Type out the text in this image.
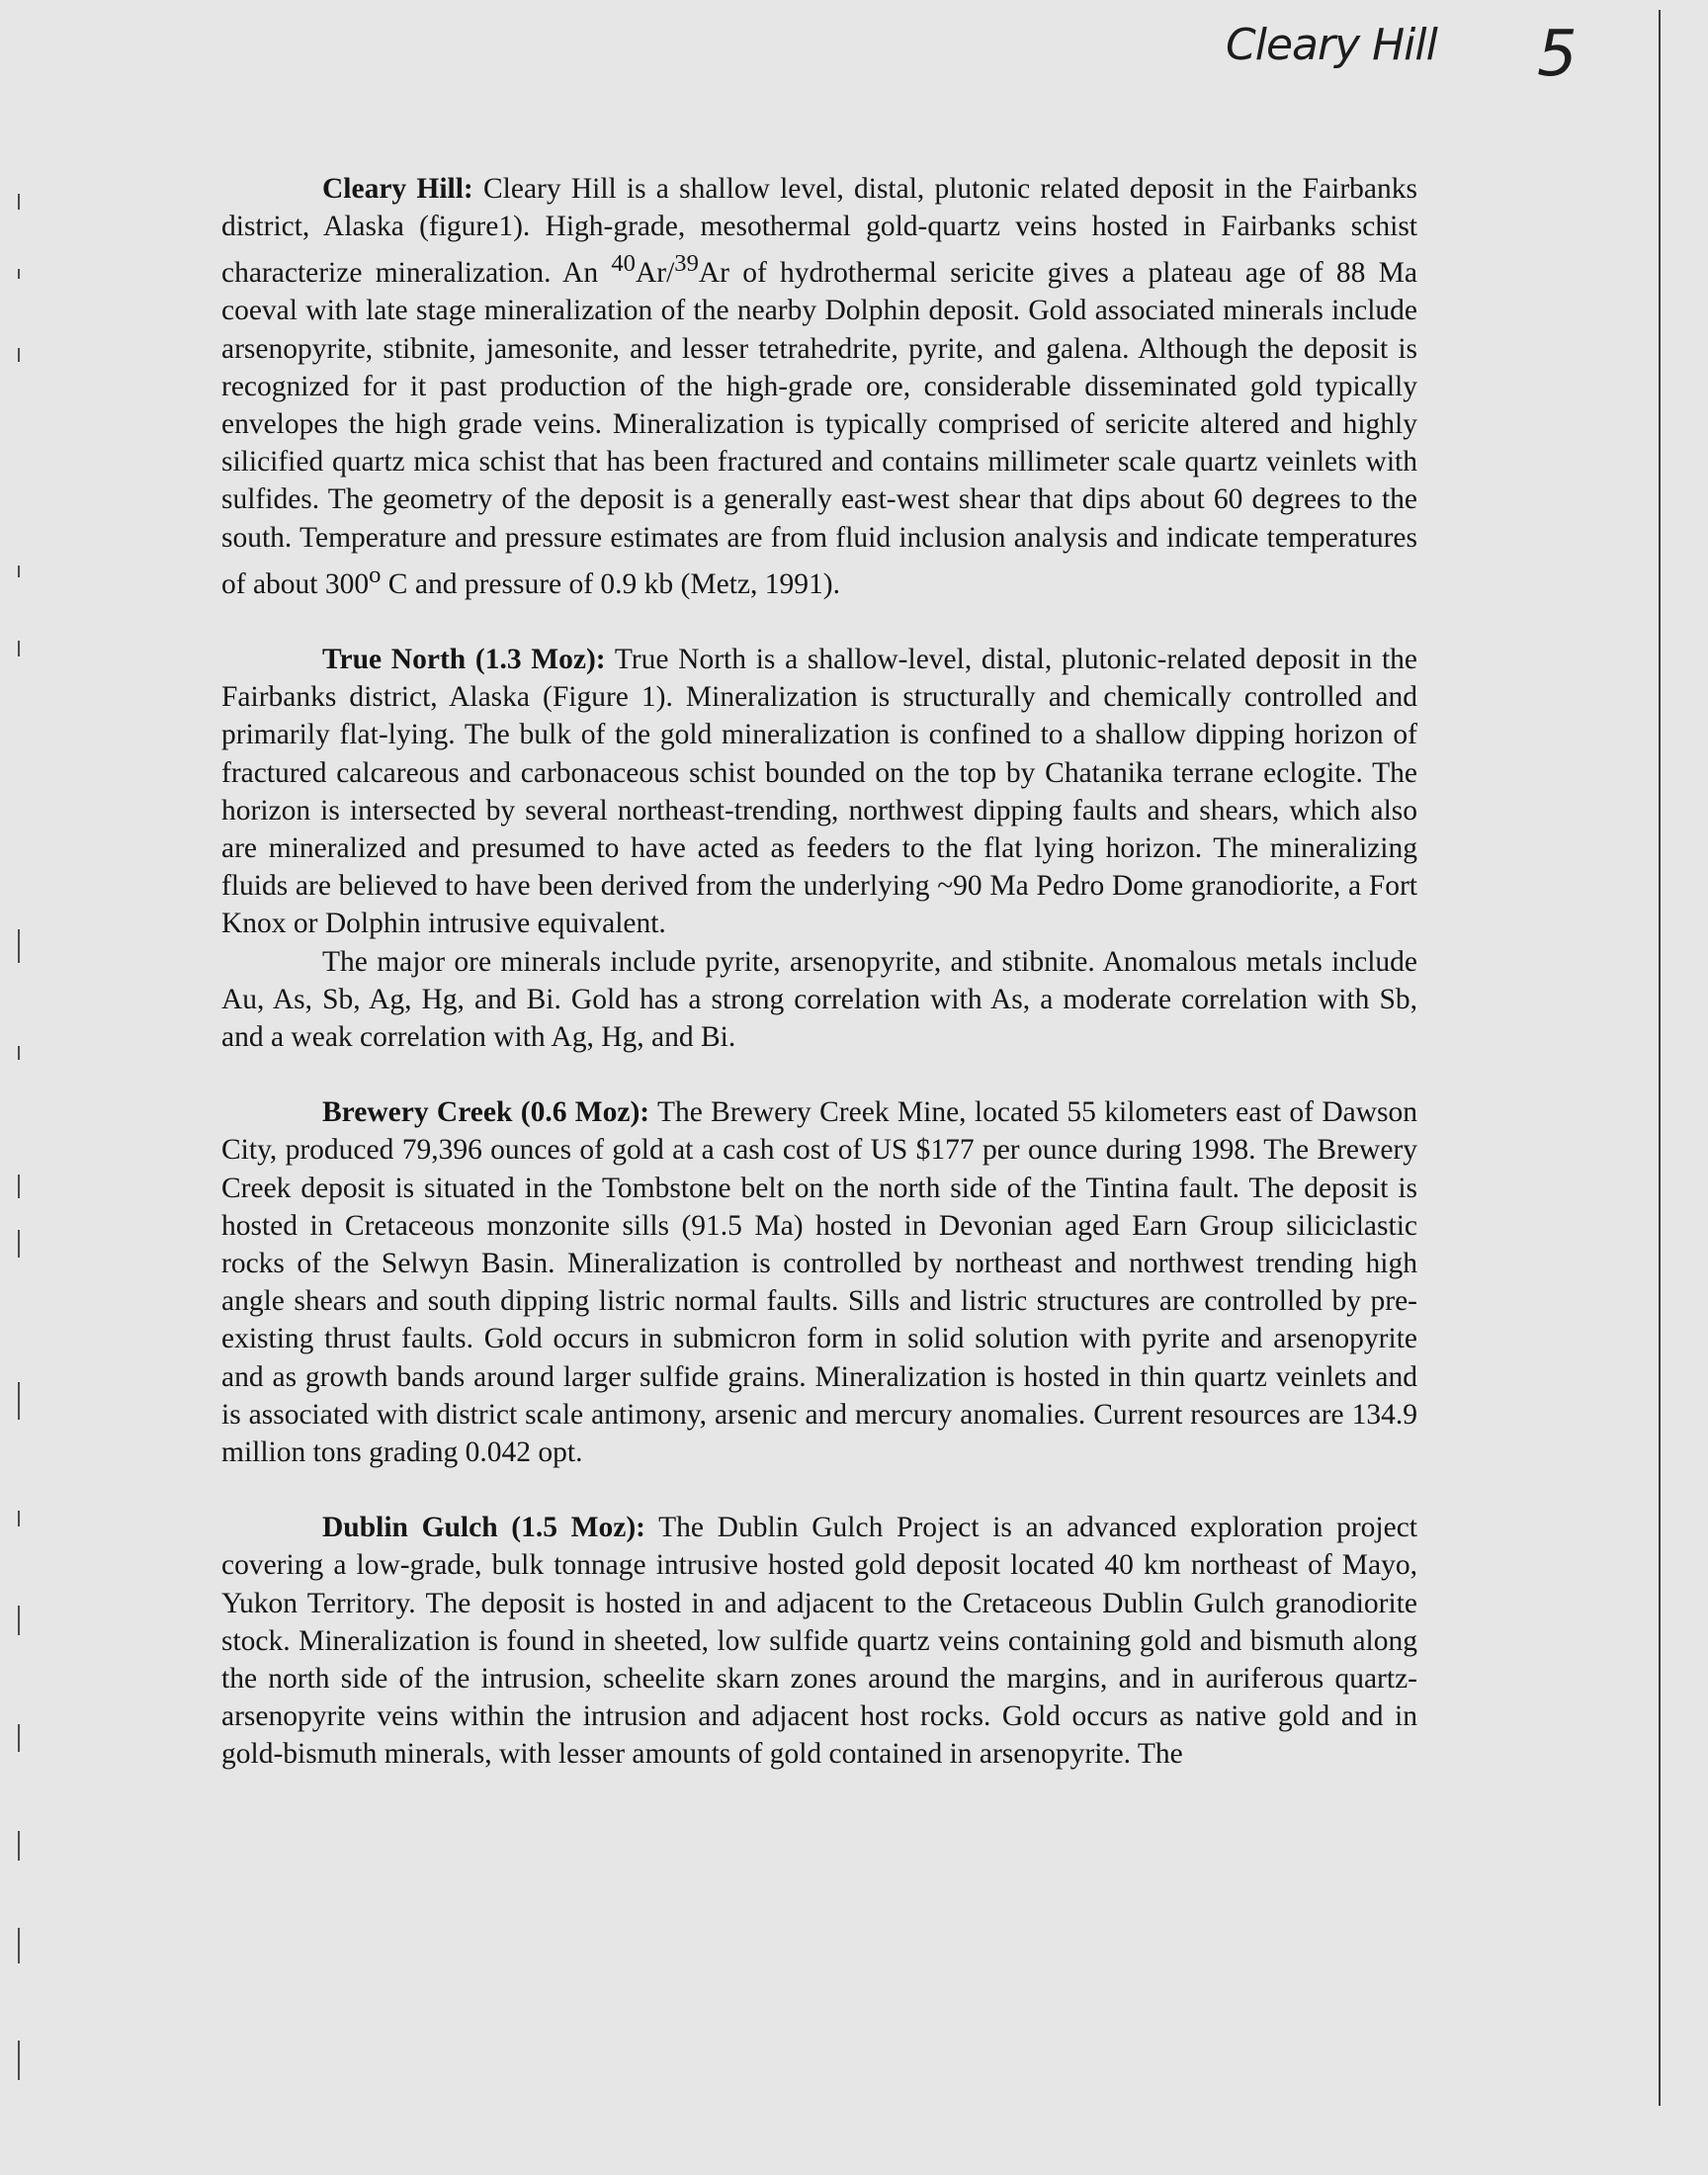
Cleary Hill 5

Cleary Hill: Cleary Hill is a shallow level, distal, plutonic related deposit in the Fairbanks district, Alaska (figure1). High-grade, mesothermal gold-quartz veins hosted in Fairbanks schist characterize mineralization. An $^{40}$Ar/$^{39}$Ar of hydrothermal sericite gives a plateau age of 88 Ma coeval with late stage mineralization of the nearby Dolphin deposit. Gold associated minerals include arsenopyrite, stibnite, jamesonite, and lesser tetrahedrite, pyrite, and galena. Although the deposit is recognized for it past production of the high-grade ore, considerable disseminated gold typically envelopes the high grade veins. Mineralization is typically comprised of sericite altered and highly silicified quartz mica schist that has been fractured and contains millimeter scale quartz veinlets with sulfides. The geometry of the deposit is a generally east-west shear that dips about 60 degrees to the south. Temperature and pressure estimates are from fluid inclusion analysis and indicate temperatures of about 300$^o$ C and pressure of 0.9 kb (Metz, 1991).

True North (1.3 Moz): True North is a shallow-level, distal, plutonic-related deposit in the Fairbanks district, Alaska (Figure 1). Mineralization is structurally and chemically controlled and primarily flat-lying. The bulk of the gold mineralization is confined to a shallow dipping horizon of fractured calcareous and carbonaceous schist bounded on the top by Chatanika terrane eclogite. The horizon is intersected by several northeast-trending, northwest dipping faults and shears, which also are mineralized and presumed to have acted as feeders to the flat lying horizon. The mineralizing fluids are believed to have been derived from the underlying ~90 Ma Pedro Dome granodiorite, a Fort Knox or Dolphin intrusive equivalent.

The major ore minerals include pyrite, arsenopyrite, and stibnite. Anomalous metals include Au, As, Sb, Ag, Hg, and Bi. Gold has a strong correlation with As, a moderate correlation with Sb, and a weak correlation with Ag, Hg, and Bi.

Brewery Creek (0.6 Moz): The Brewery Creek Mine, located 55 kilometers east of Dawson City, produced 79,396 ounces of gold at a cash cost of US $177 per ounce during 1998. The Brewery Creek deposit is situated in the Tombstone belt on the north side of the Tintina fault. The deposit is hosted in Cretaceous monzonite sills (91.5 Ma) hosted in Devonian aged Earn Group siliciclastic rocks of the Selwyn Basin. Mineralization is controlled by northeast and northwest trending high angle shears and south dipping listric normal faults. Sills and listric structures are controlled by pre-existing thrust faults. Gold occurs in submicron form in solid solution with pyrite and arsenopyrite and as growth bands around larger sulfide grains. Mineralization is hosted in thin quartz veinlets and is associated with district scale antimony, arsenic and mercury anomalies. Current resources are 134.9 million tons grading 0.042 opt.

Dublin Gulch (1.5 Moz): The Dublin Gulch Project is an advanced exploration project covering a low-grade, bulk tonnage intrusive hosted gold deposit located 40 km northeast of Mayo, Yukon Territory. The deposit is hosted in and adjacent to the Cretaceous Dublin Gulch granodiorite stock. Mineralization is found in sheeted, low sulfide quartz veins containing gold and bismuth along the north side of the intrusion, scheelite skarn zones around the margins, and in auriferous quartz-arsenopyrite veins within the intrusion and adjacent host rocks. Gold occurs as native gold and in gold-bismuth minerals, with lesser amounts of gold contained in arsenopyrite. The
